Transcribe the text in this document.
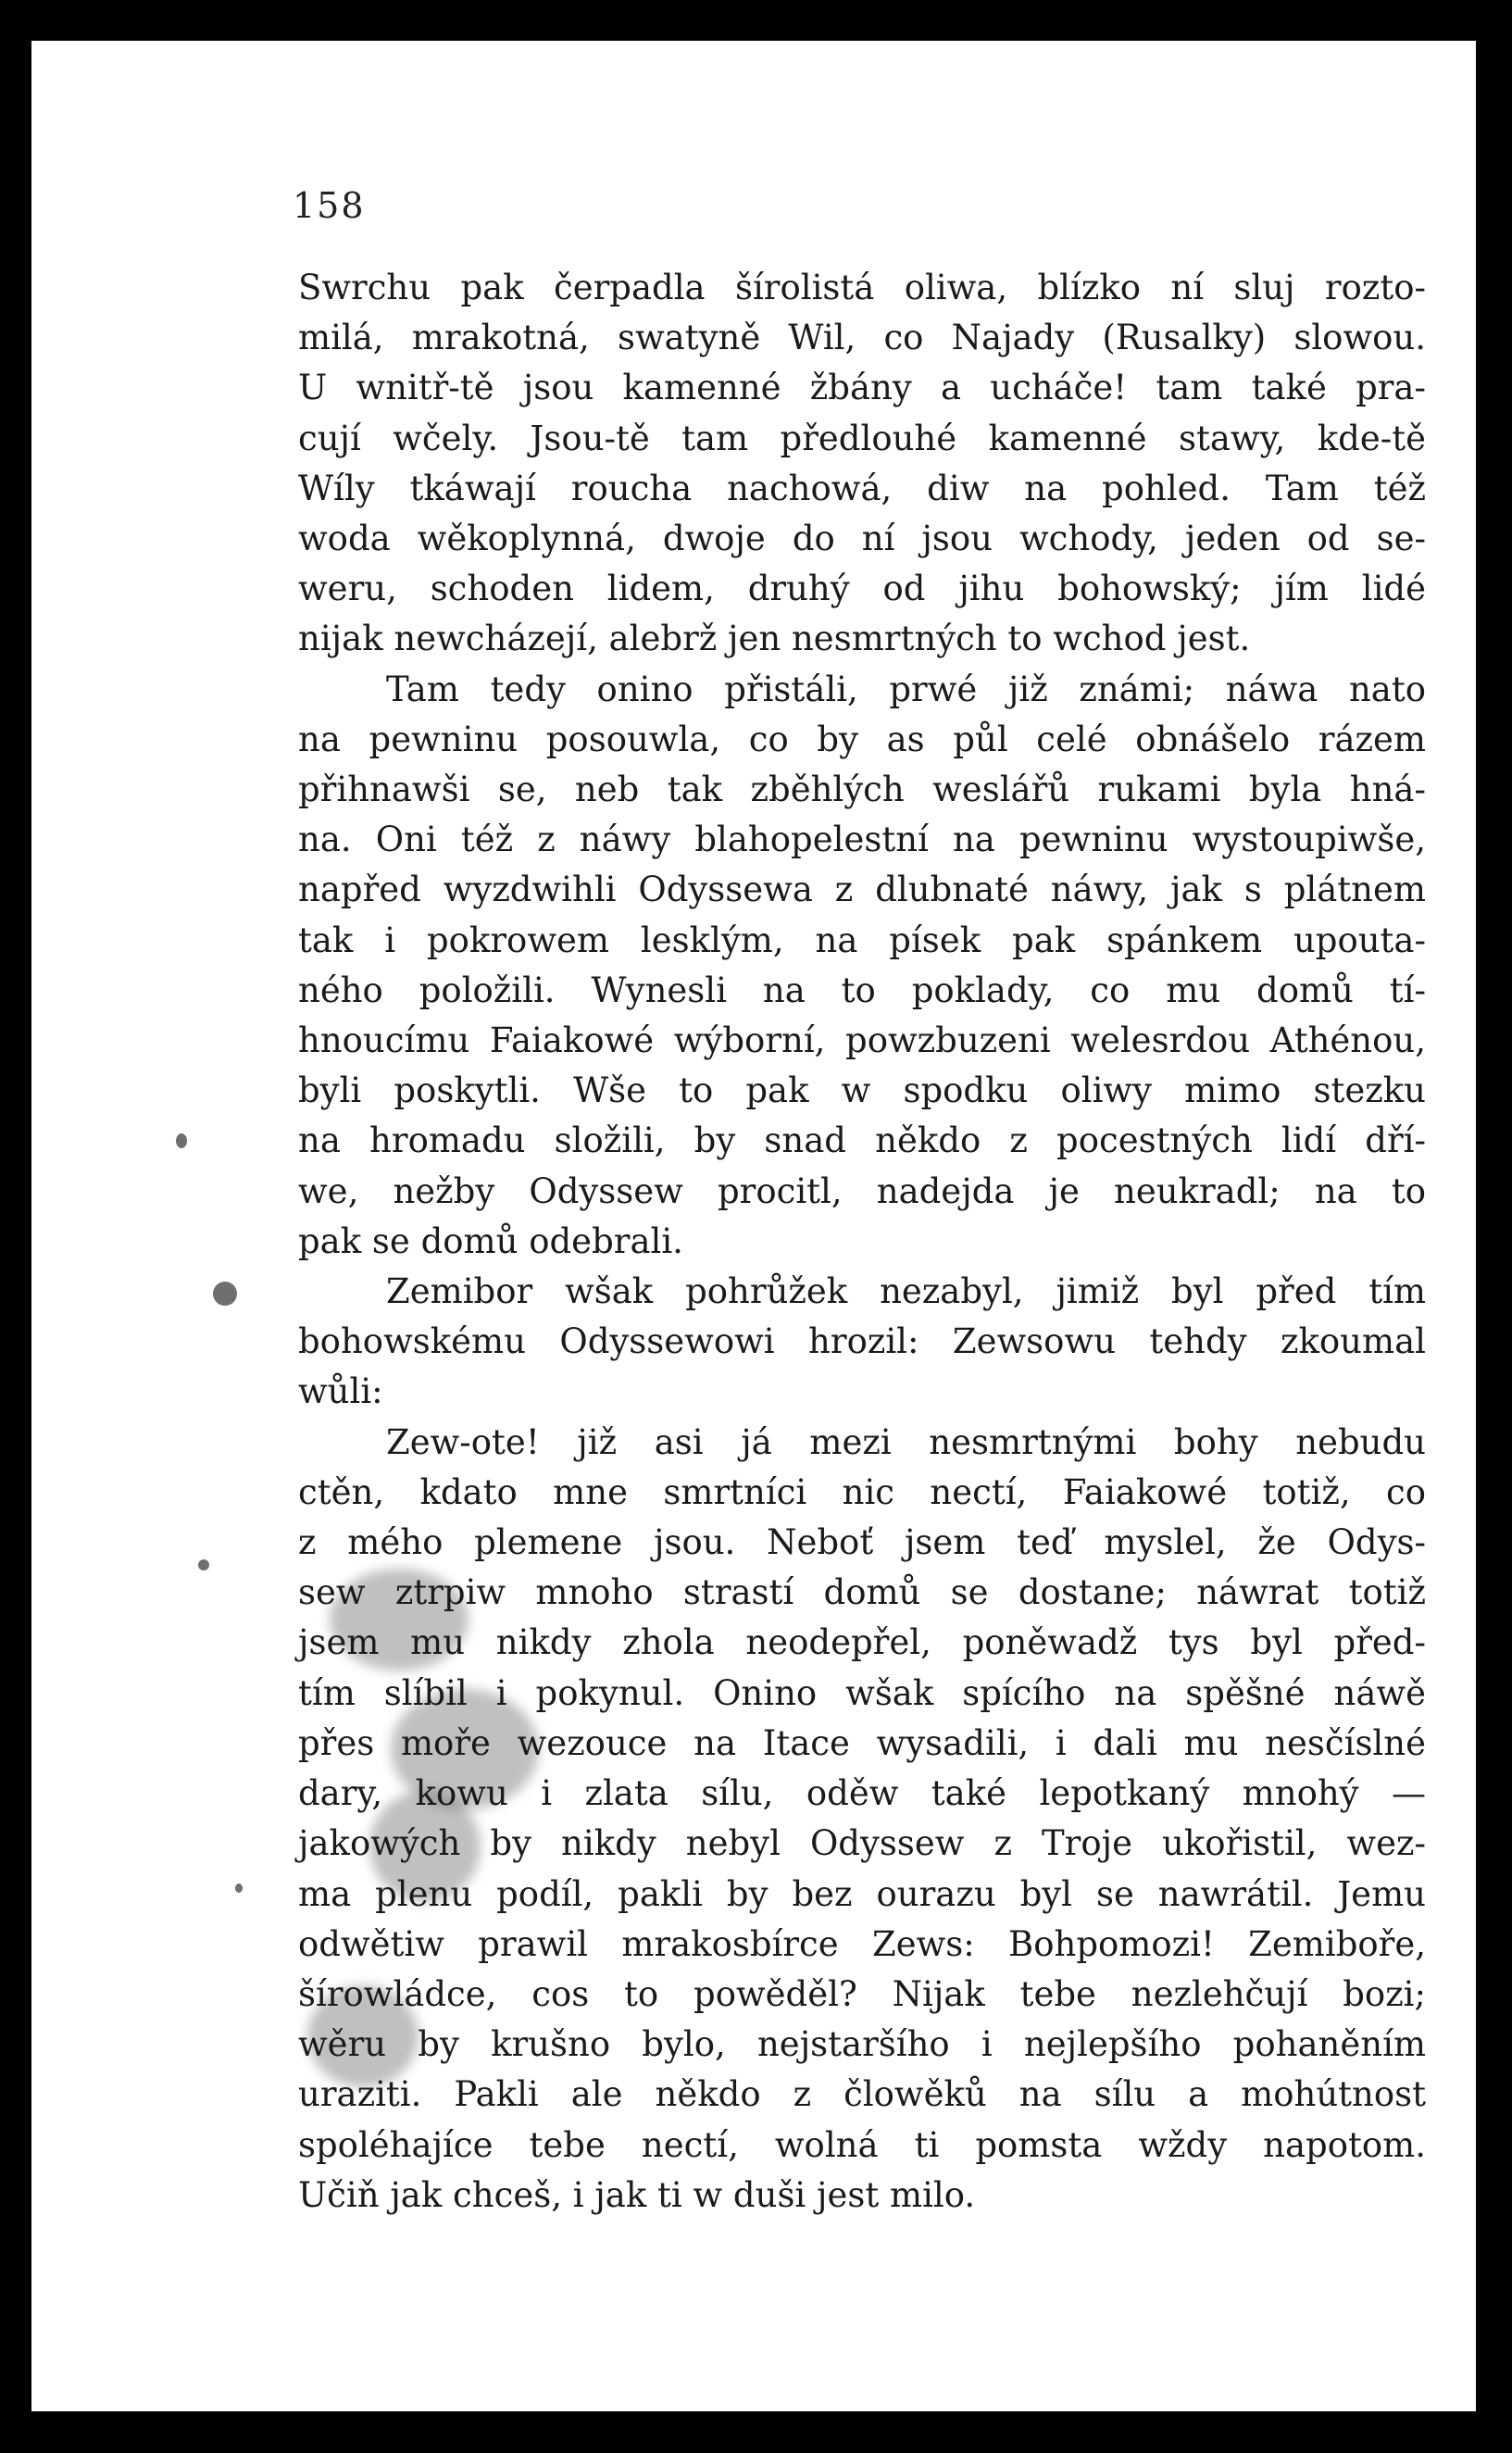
158

Swrchu pak čerpadla šírolistá oliwa, blízko ní sluj rozto-
milá, mrakotná, swatyně Wil, co Najady (Rusalky) slowou.
U wnitř-tě jsou kamenné žbány a ucháče! tam také pra-
cují wčely. Jsou-tě tam předlouhé kamenné stawy, kde-tě
Wíly tkáwají roucha nachowá, diw na pohled. Tam též
woda wěkoplynná, dwoje do ní jsou wchody, jeden od se-
weru, schoden lidem, druhý od jihu bohowský; jím lidé
nijak newcházejí, alebrž jen nesmrtných to wchod jest.
Tam tedy onino přistáli, prwé již známi; náwa nato
na pewninu posouwla, co by as půl celé obnášelo rázem
přihnawši se, neb tak zběhlých weslářů rukami byla hná-
na. Oni též z náwy blahopelestní na pewninu wystoupiwše,
napřed wyzdwihli Odyssewa z dlubnaté náwy, jak s plátnem
tak i pokrowem lesklým, na písek pak spánkem upouta-
ného položili. Wynesli na to poklady, co mu domů tí-
hnoucímu Faiakowé wýborní, powzbuzeni welesrdou Athénou,
byli poskytli. Wše to pak w spodku oliwy mimo stezku
na hromadu složili, by snad někdo z pocestných lidí dří-
we, nežby Odyssew procitl, nadejda je neukradl; na to
pak se domů odebrali.
Zemibor wšak pohrůžek nezabyl, jimiž byl před tím
bohowskému Odyssewowi hrozil: Zewsowu tehdy zkoumal
wůli:
Zew-ote! již asi já mezi nesmrtnými bohy nebudu
ctěn, kdato mne smrtníci nic nectí, Faiakowé totiž, co
z mého plemene jsou. Neboť jsem teď myslel, že Odys-
sew ztrpiw mnoho strastí domů se dostane; náwrat totiž
jsem mu nikdy zhola neodepřel, poněwadž tys byl před-
tím slíbil i pokynul. Onino wšak spícího na spěšné náwě
přes moře wezouce na Itace wysadili, i dali mu nesčíslné
dary, kowu i zlata sílu, oděw také lepotkaný mnohý —
jakowých by nikdy nebyl Odyssew z Troje ukořistil, wez-
ma plenu podíl, pakli by bez ourazu byl se nawrátil. Jemu
odwětiw prawil mrakosbírce Zews: Bohpomozi! Zemiboře,
šírowládce, cos to powěděl? Nijak tebe nezlehčují bozi;
wěru by krušno bylo, nejstaršího i nejlepšího pohaněním
uraziti. Pakli ale někdo z člowěků na sílu a mohútnost
spoléhajíce tebe nectí, wolná ti pomsta wždy napotom.
Učiň jak chceš, i jak ti w duši jest milo.
